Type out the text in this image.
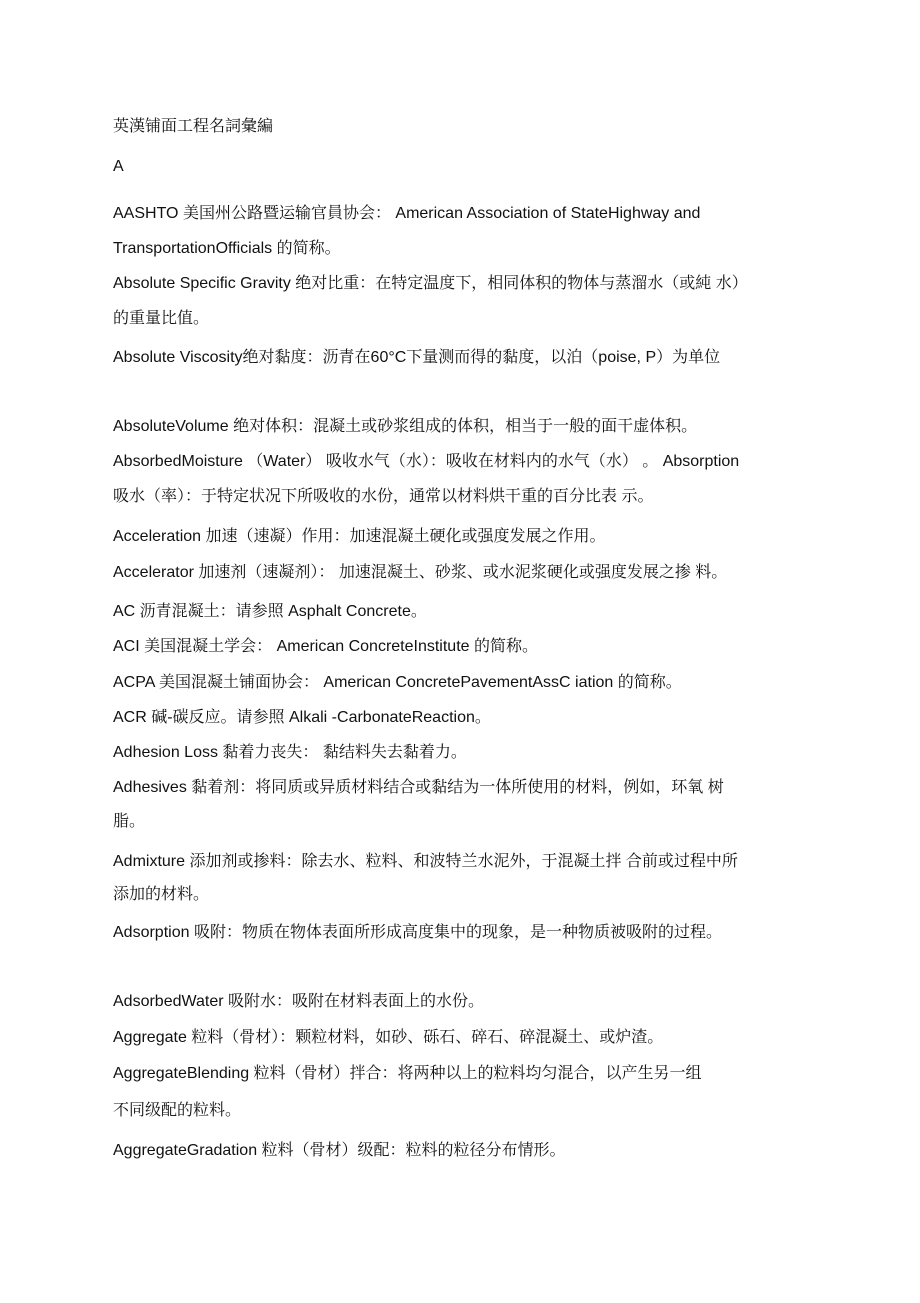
英漢铺面工程名詞彙編
A
AASHTO 美国州公路暨运输官員协会： American Association of StateHighway and
TransportationOfficials 的简称。
Absolute Specific Gravity 绝对比重：在特定温度下，相同体积的物体与蒸溜水（或純 水）
的重量比值。
Absolute Viscosity绝对黏度：沥青在60°C下量测而得的黏度，以泊（poise, P）为单位
AbsoluteVolume 绝对体积：混凝土或砂浆组成的体积，相当于一般的面干虚体积。
AbsorbedMoisture （Water） 吸收水气（水）：吸收在材料内的水气（水） 。 Absorption
吸水（率）：于特定状况下所吸收的水份，通常以材料烘干重的百分比表 示。
Acceleration 加速（速凝）作用：加速混凝土硬化或强度发展之作用。
Accelerator 加速剂（速凝剂）： 加速混凝土、砂浆、或水泥浆硬化或强度发展之掺 料。
AC 沥青混凝土：请参照 Asphalt Concrete。
ACI 美国混凝土学会： American ConcreteInstitute 的简称。
ACPA 美国混凝土铺面协会： American ConcretePavementAssC iation 的简称。
ACR 碱-碳反应。请参照 Alkali -CarbonateReaction。
Adhesion Loss 黏着力丧失： 黏结料失去黏着力。
Adhesives 黏着剂：将同质或异质材料结合或黏结为一体所使用的材料，例如，环氧 树
脂。
Admixture 添加剂或掺料：除去水、粒料、和波特兰水泥外，于混凝土拌 合前或过程中所
添加的材料。
Adsorption 吸附：物质在物体表面所形成高度集中的现象，是一种物质被吸附的过程。
AdsorbedWater 吸附水：吸附在材料表面上的水份。
Aggregate 粒料（骨材）：颗粒材料，如砂、砾石、碎石、碎混凝土、或炉渣。
AggregateBlending 粒料（骨材）拌合：将两种以上的粒料均匀混合，以产生另一组
不同级配的粒料。
AggregateGradation 粒料（骨材）级配：粒料的粒径分布情形。
